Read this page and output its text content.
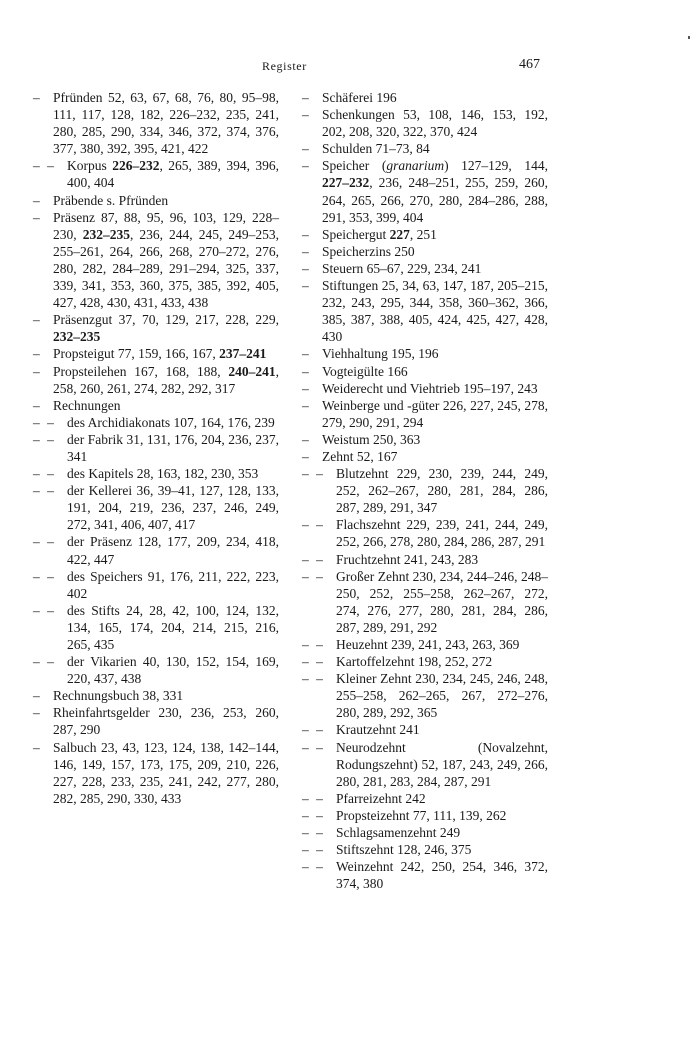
Register	467
– Pfründen 52, 63, 67, 68, 76, 80, 95–98, 111, 117, 128, 182, 226–232, 235, 241, 280, 285, 290, 334, 346, 372, 374, 376, 377, 380, 392, 395, 421, 422
– – Korpus 226–232, 265, 389, 394, 396, 400, 404
– Präbende s. Pfründen
– Präsenz 87, 88, 95, 96, 103, 129, 228–230, 232–235, 236, 244, 245, 249–253, 255–261, 264, 266, 268, 270–272, 276, 280, 282, 284–289, 291–294, 325, 337, 339, 341, 353, 360, 375, 385, 392, 405, 427, 428, 430, 431, 433, 438
– Präsenzgut 37, 70, 129, 217, 228, 229, 232–235
– Propsteigut 77, 159, 166, 167, 237–241
– Propsteilehen 167, 168, 188, 240–241, 258, 260, 261, 274, 282, 292, 317
– Rechnungen
– – des Archidiakonats 107, 164, 176, 239
– – der Fabrik 31, 131, 176, 204, 236, 237, 341
– – des Kapitels 28, 163, 182, 230, 353
– – der Kellerei 36, 39–41, 127, 128, 133, 191, 204, 219, 236, 237, 246, 249, 272, 341, 406, 407, 417
– – der Präsenz 128, 177, 209, 234, 418, 422, 447
– – des Speichers 91, 176, 211, 222, 223, 402
– – des Stifts 24, 28, 42, 100, 124, 132, 134, 165, 174, 204, 214, 215, 216, 265, 435
– – der Vikarien 40, 130, 152, 154, 169, 220, 437, 438
– Rechnungsbuch 38, 331
– Rheinfahrtsgelder 230, 236, 253, 260, 287, 290
– Salbuch 23, 43, 123, 124, 138, 142–144, 146, 149, 157, 173, 175, 209, 210, 226, 227, 228, 233, 235, 241, 242, 277, 280, 282, 285, 290, 330, 433
– Schäferei 196
– Schenkungen 53, 108, 146, 153, 192, 202, 208, 320, 322, 370, 424
– Schulden 71–73, 84
– Speicher (granarium) 127–129, 144, 227–232, 236, 248–251, 255, 259, 260, 264, 265, 266, 270, 280, 284–286, 288, 291, 353, 399, 404
– Speichergut 227, 251
– Speicherzins 250
– Steuern 65–67, 229, 234, 241
– Stiftungen 25, 34, 63, 147, 187, 205–215, 232, 243, 295, 344, 358, 360–362, 366, 385, 387, 388, 405, 424, 425, 427, 428, 430
– Viehhaltung 195, 196
– Vogteigülte 166
– Weiderecht und Viehtrieb 195–197, 243
– Weinberge und -güter 226, 227, 245, 278, 279, 290, 291, 294
– Weistum 250, 363
– Zehnt 52, 167
– – Blutzehnt 229, 230, 239, 244, 249, 252, 262–267, 280, 281, 284, 286, 287, 289, 291, 347
– – Flachszehnt 229, 239, 241, 244, 249, 252, 266, 278, 280, 284, 286, 287, 291
– – Fruchtzehnt 241, 243, 283
– – Großer Zehnt 230, 234, 244–246, 248–250, 252, 255–258, 262–267, 272, 274, 276, 277, 280, 281, 284, 286, 287, 289, 291, 292
– – Heuzehnt 239, 241, 243, 263, 369
– – Kartoffelzehnt 198, 252, 272
– – Kleiner Zehnt 230, 234, 245, 246, 248, 255–258, 262–265, 267, 272–276, 280, 289, 292, 365
– – Krautzehnt 241
– – Neurodzehnt (Novalzehnt, Rodungszehnt) 52, 187, 243, 249, 266, 280, 281, 283, 284, 287, 291
– – Pfarreizehnt 242
– – Propsteizehnt 77, 111, 139, 262
– – Schlagsamenzehnt 249
– – Stiftszehnt 128, 246, 375
– – Weinzehnt 242, 250, 254, 346, 372, 374, 380
